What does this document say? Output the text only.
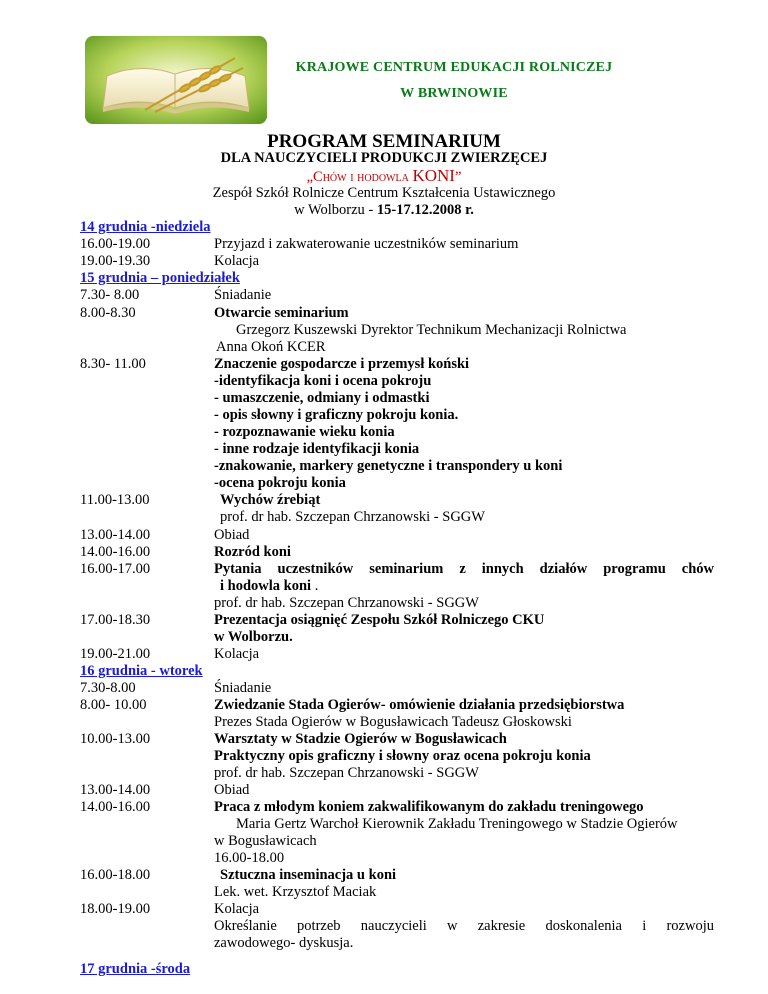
KRAJOWE CENTRUM EDUKACJI ROLNICZEJ
W BRWINOWIE
PROGRAM SEMINARIUM
DLA NAUCZYCIELI PRODUKCJI ZWIERZĘCEJ
„Chów i hodowla KONI”
Zespół Szkół Rolnicze Centrum Kształcenia Ustawicznego
w Wolborzu - 15-17.12.2008 r.
14 grudnia -niedziela
16.00-19.00	Przyjazd i zakwaterowanie uczestników seminarium
19.00-19.30	Kolacja
15 grudnia – poniedziałek
7.30- 8.00	Śniadanie
8.00-8.30	Otwarcie seminarium
Grzegorz Kuszewski Dyrektor Technikum Mechanizacji Rolnictwa
Anna Okoń KCER
8.30- 11.00	Znaczenie gospodarcze i przemysł koński
-identyfikacja koni i ocena pokroju
- umaszczenie, odmiany i odmastki
- opis słowny i graficzny pokroju konia.
- rozpoznawanie wieku konia
- inne rodzaje identyfikacji konia
-znakowanie, markery genetyczne i transpondery u koni
-ocena pokroju konia
11.00-13.00	Wychów źrebiąt
prof. dr hab. Szczepan Chrzanowski - SGGW
13.00-14.00	Obiad
14.00-16.00	Rozród koni
16.00-17.00	Pytania uczestników seminarium z innych działów programu chów
i hodowla koni .
prof. dr hab. Szczepan Chrzanowski - SGGW
17.00-18.30	Prezentacja osiągnięć Zespołu Szkół Rolniczego CKU
w Wolborzu.
19.00-21.00	Kolacja
16 grudnia - wtorek
7.30-8.00	Śniadanie
8.00- 10.00	Zwiedzanie Stada Ogierów- omówienie działania przedsiębiorstwa
Prezes Stada Ogierów w Bogusławicach Tadeusz Głoskowski
10.00-13.00	Warsztaty w Stadzie Ogierów w Bogusławicach
Praktyczny opis graficzny i słowny oraz ocena pokroju konia
prof. dr hab. Szczepan Chrzanowski - SGGW
13.00-14.00	Obiad
14.00-16.00	Praca z młodym koniem zakwalifikowanym do zakładu treningowego
Maria Gertz Warchoł Kierownik Zakładu Treningowego w Stadzie Ogierów
w Bogusławicach
16.00-18.00
16.00-18.00	Sztuczna inseminacja u koni
Lek. wet. Krzysztof Maciak
18.00-19.00	Kolacja
Określanie potrzeb nauczycieli w zakresie doskonalenia i rozwoju
zawodowego- dyskusja.
17 grudnia -środa
